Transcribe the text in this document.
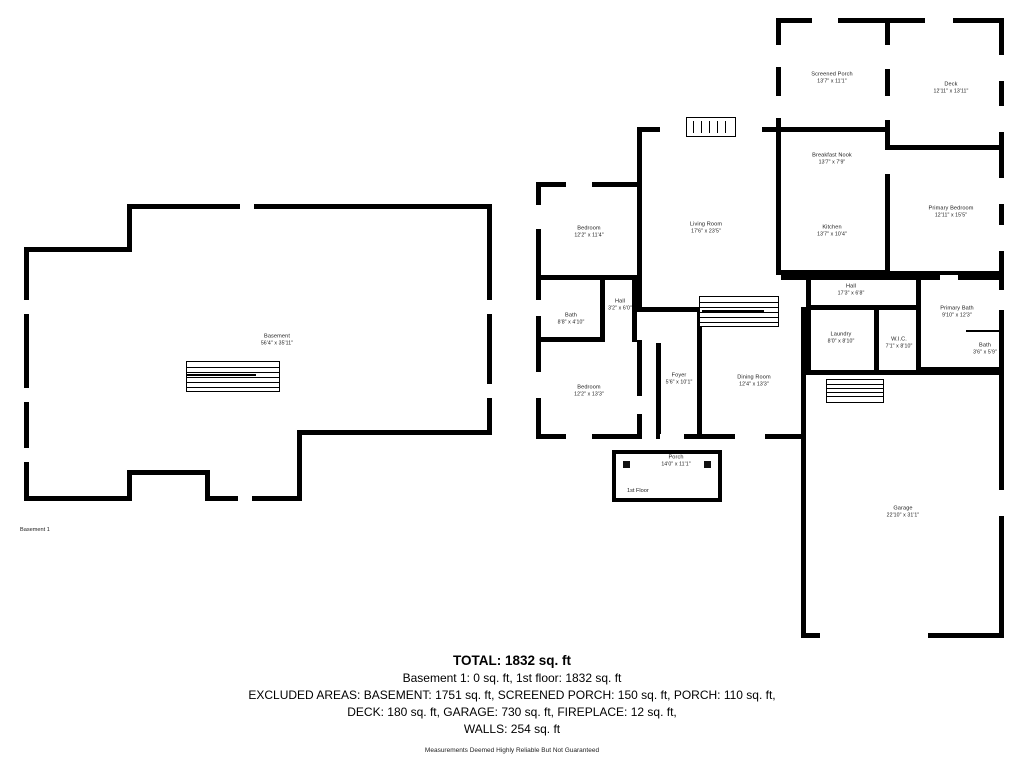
Basement
56'4" x 35'11"
Basement 1
Screened Porch
13'7" x 11'1"
Deck
12'11" x 13'11"
Breakfast Nook
13'7" x 7'9"
Kitchen
13'7" x 10'4"
Primary Bedroom
12'11" x 15'5"
Living Room
17'6" x 23'5"
Bedroom
12'2" x 11'4"
Hall
17'3" x 6'8"
Primary Bath
9'10" x 12'3"
Bath
3'6" x 5'9"
Laundry
8'0" x 8'10"	W.I.C.
7'1" x 8'10"
Hall
3'2" x 6'0"
Bath
8'8" x 4'10"
Bedroom
12'2" x 13'3"
Foyer
5'6" x 10'1"
Dining Room
12'4" x 13'3"
Porch
14'0" x 11'1"
1st Floor
Garage
22'10" x 31'1"
TOTAL: 1832 sq. ft
Basement 1: 0 sq. ft, 1st floor: 1832 sq. ft
EXCLUDED AREAS: BASEMENT: 1751 sq. ft, SCREENED PORCH: 150 sq. ft, PORCH: 110 sq. ft,
DECK: 180 sq. ft, GARAGE: 730 sq. ft, FIREPLACE: 12 sq. ft,
WALLS: 254 sq. ft
Measurements Deemed Highly Reliable But Not Guaranteed
